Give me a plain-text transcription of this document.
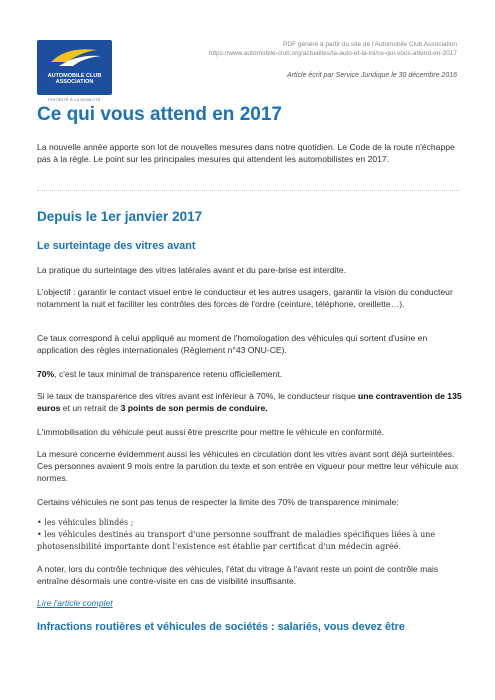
AUTOMOBILE CLUB
ASSOCIATION
PRIORITÉ À LA MOBILITÉ
PDF généré à partir du site de l'Automobile Club Association
https://www.automobile-club.org/actualites/la-auto-et-la-loi/ce-qui-vous-attend-en-2017
Article écrit par Service Juridique le 30 décembre 2016
Ce qui vous attend en 2017

La nouvelle année apporte son lot de nouvelles mesures dans notre quotidien. Le Code de la route n'échappe pas à la règle. Le point sur les principales mesures qui attendent les automobilistes en 2017.

Depuis le 1er janvier 2017
Le surteintage des vitres avant

La pratique du surteintage des vitres latérales avant et du pare-brise est interdite.

L'objectif : garantir le contact visuel entre le conducteur et les autres usagers, garantir la vision du conducteur notamment la nuit et faciliter les contrôles des forces de l'ordre (ceinture, téléphone, oreillette…).

Ce taux correspond à celui appliqué au moment de l'homologation des véhicules qui sortent d'usine en application des règles internationales (Règlement n°43 ONU-CE).

70%, c'est le taux minimal de transparence retenu officiellement.

Si le taux de transparence des vitres avant est inférieur à 70%, le conducteur risque une contravention de 135 euros et un retrait de 3 points de son permis de conduire.

L'immobilisation du véhicule peut aussi être prescrite pour mettre le véhicule en conformité.

La mesure concerne évidemment aussi les véhicules en circulation dont les vitres avant sont déjà surteintées. Ces personnes avaient 9 mois entre la parution du texte et son entrée en vigueur pour mettre leur véhicule aux normes.

Certains véhicules ne sont pas tenus de respecter la limite des 70% de transparence minimale:

• les véhicules blindés ;

• les véhicules destinés au transport d'une personne souffrant de maladies spécifiques liées à une photosensibilité importante dont l'existence est établie par certificat d'un médecin agréé.

A noter, lors du contrôle technique des véhicules, l'état du vitrage à l'avant reste un point de contrôle mais entraîne désormais une contre-visite en cas de visibilité insuffisante.

Lire l'article complet
Infractions routières et véhicules de sociétés : salariés, vous devez être
